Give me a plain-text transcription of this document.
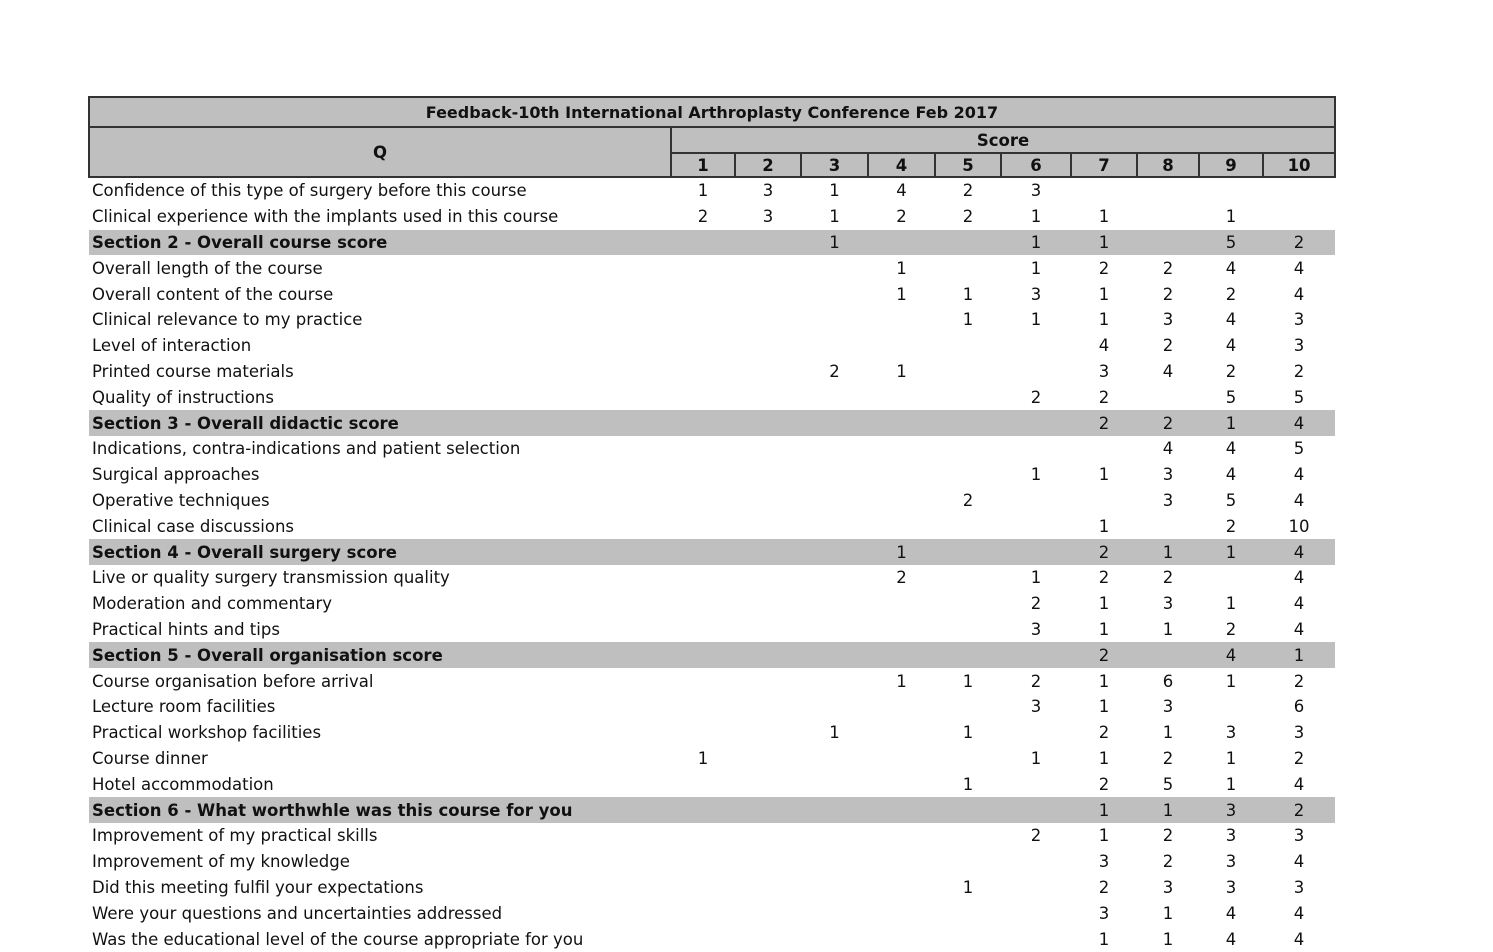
Feedback-10th International Arthroplasty Conference Feb 2017
Q	Score									
	1	2	3	4	5	6	7	8	9	10
Confidence of this type of surgery before this course	1	3	1	4	2	3				
Clinical experience with the implants used in this course	2	3	1	2	2	1	1		1	
Section 2 - Overall course score			1			1	1		5	2
Overall length of the course				1		1	2	2	4	4
Overall content of the course				1	1	3	1	2	2	4
Clinical relevance to my practice					1	1	1	3	4	3
Level of interaction							4	2	4	3
Printed course materials			2	1			3	4	2	2
Quality of instructions						2	2		5	5
Section 3 - Overall didactic score							2	2	1	4
Indications, contra-indications and patient selection								4	4	5
Surgical approaches						1	1	3	4	4
Operative techniques					2			3	5	4
Clinical case discussions							1		2	10
Section 4 - Overall surgery score				1			2	1	1	4
Live or quality surgery transmission quality				2		1	2	2		4
Moderation and commentary						2	1	3	1	4
Practical hints and tips						3	1	1	2	4
Section 5 - Overall organisation score							2		4	1
Course organisation before arrival				1	1	2	1	6	1	2
Lecture room facilities						3	1	3		6
Practical workshop facilities			1		1		2	1	3	3
Course dinner	1					1	1	2	1	2
Hotel accommodation					1		2	5	1	4
Section 6 - What worthwhle was this course for you							1	1	3	2
Improvement of my practical skills						2	1	2	3	3
Improvement of my knowledge							3	2	3	4
Did this meeting fulfil your expectations					1		2	3	3	3
Were your questions and uncertainties addressed							3	1	4	4
Was the educational level of the course appropriate for you							1	1	4	4
